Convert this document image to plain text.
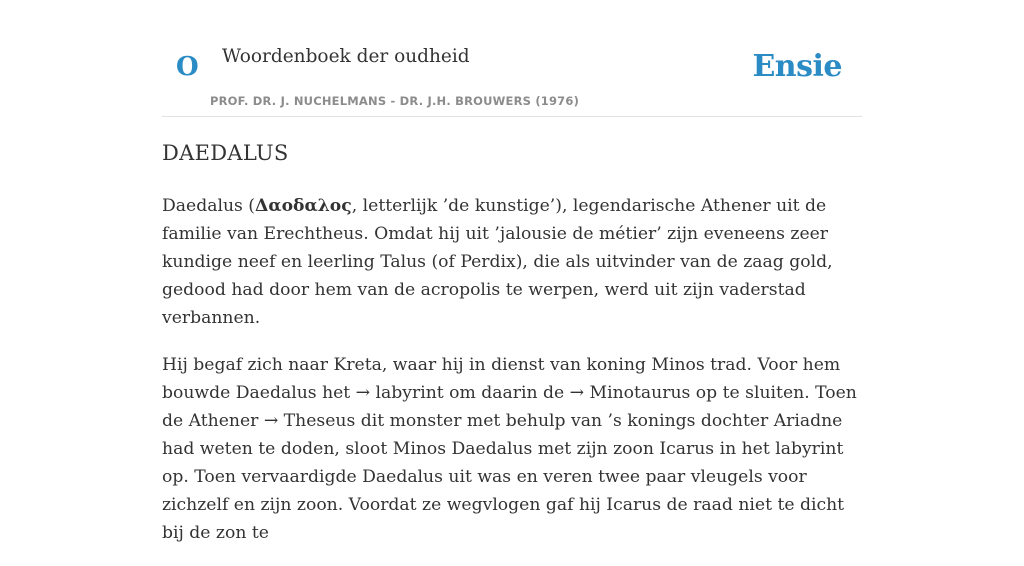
O Woordenboek der oudheid
PROF. DR. J. NUCHELMANS - DR. J.H. BROUWERS (1976)
Ensie
DAEDALUS

Daedalus (Δαοδαλος, letterlijk ’de kunstige’), legendarische Athener uit de familie van Erechtheus. Omdat hij uit ’jalousie de métier’ zijn eveneens zeer kundige neef en leerling Talus (of Perdix), die als uitvinder van de zaag gold, gedood had door hem van de acropolis te werpen, werd uit zijn vaderstad verbannen.

Hij begaf zich naar Kreta, waar hij in dienst van koning Minos trad. Voor hem bouwde Daedalus het → labyrint om daarin de → Minotaurus op te sluiten. Toen de Athener → Theseus dit monster met behulp van ’s konings dochter Ariadne had weten te doden, sloot Minos Daedalus met zijn zoon Icarus in het labyrint op. Toen vervaardigde Daedalus uit was en veren twee paar vleugels voor zichzelf en zijn zoon. Voordat ze wegvlogen gaf hij Icarus de raad niet te dicht bij de zon te
